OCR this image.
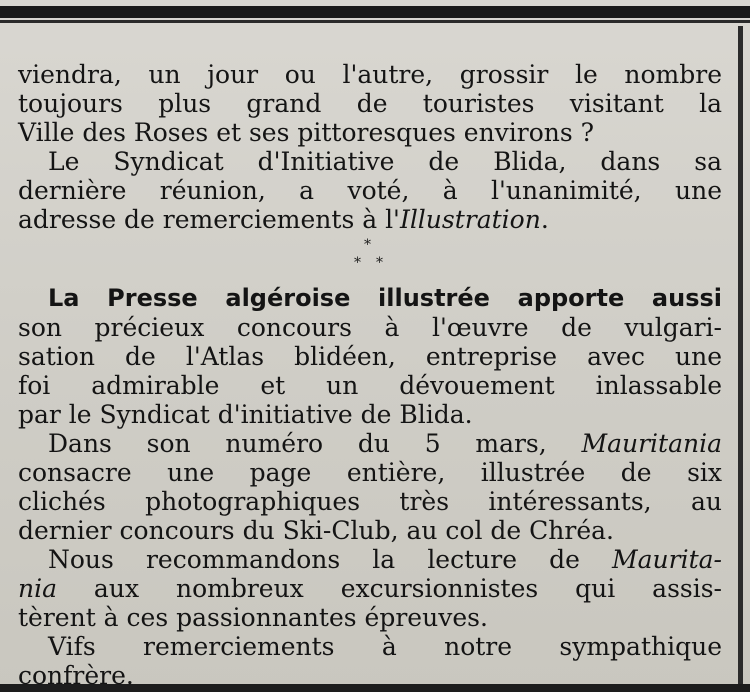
viendra, un jour ou l'autre, grossir le nombre
toujours plus grand de touristes visitant la
Ville des Roses et ses pittoresques environs ?
Le Syndicat d'Initiative de Blida, dans sa
dernière réunion, a voté, à l'unanimité, une
adresse de remerciements à l'Illustration.
*
* *
La Presse algéroise illustrée apporte aussi
son précieux concours à l'œuvre de vulgari-
sation de l'Atlas blidéen, entreprise avec une
foi admirable et un dévouement inlassable
par le Syndicat d'initiative de Blida.
Dans son numéro du 5 mars, Mauritania
consacre une page entière, illustrée de six
clichés photographiques très intéressants, au
dernier concours du Ski-Club, au col de Chréa.
Nous recommandons la lecture de Maurita-
nia aux nombreux excursionnistes qui assis-
tèrent à ces passionnantes épreuves.
Vifs remerciements à notre sympathique
confrère.
